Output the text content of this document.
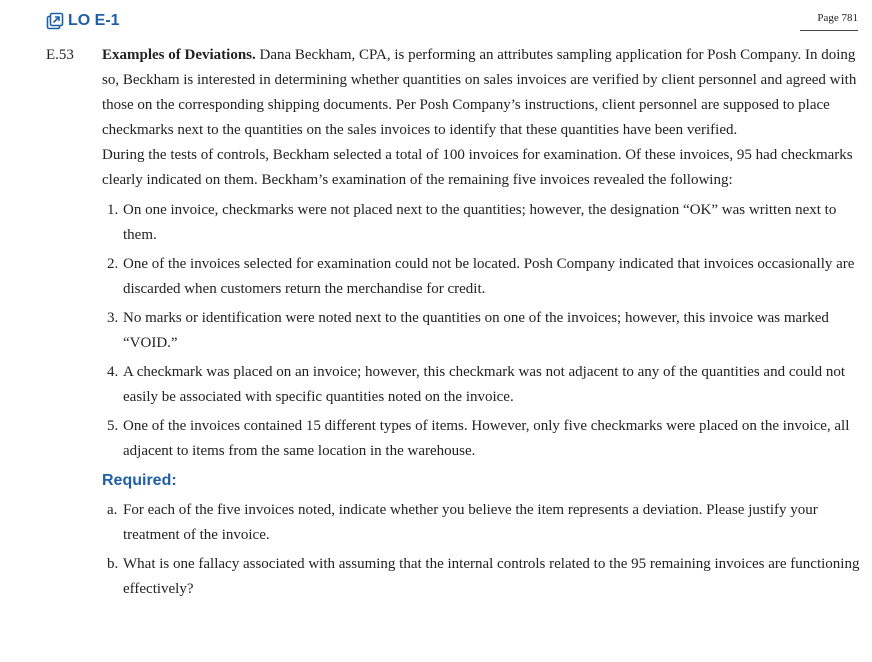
LO E-1	Page 781
E.53 Examples of Deviations. Dana Beckham, CPA, is performing an attributes sampling application for Posh Company. In doing so, Beckham is interested in determining whether quantities on sales invoices are verified by client personnel and agreed with those on the corresponding shipping documents. Per Posh Company’s instructions, client personnel are supposed to place checkmarks next to the quantities on the sales invoices to identify that these quantities have been verified.

During the tests of controls, Beckham selected a total of 100 invoices for examination. Of these invoices, 95 had checkmarks clearly indicated on them. Beckham’s examination of the remaining five invoices revealed the following:

1. On one invoice, checkmarks were not placed next to the quantities; however, the designation “OK” was written next to them.
2. One of the invoices selected for examination could not be located. Posh Company indicated that invoices occasionally are discarded when customers return the merchandise for credit.
3. No marks or identification were noted next to the quantities on one of the invoices; however, this invoice was marked “VOID.”
4. A checkmark was placed on an invoice; however, this checkmark was not adjacent to any of the quantities and could not easily be associated with specific quantities noted on the invoice.
5. One of the invoices contained 15 different types of items. However, only five checkmarks were placed on the invoice, all adjacent to items from the same location in the warehouse.
Required:
a. For each of the five invoices noted, indicate whether you believe the item represents a deviation. Please justify your treatment of the invoice.
b. What is one fallacy associated with assuming that the internal controls related to the 95 remaining invoices are functioning effectively?
